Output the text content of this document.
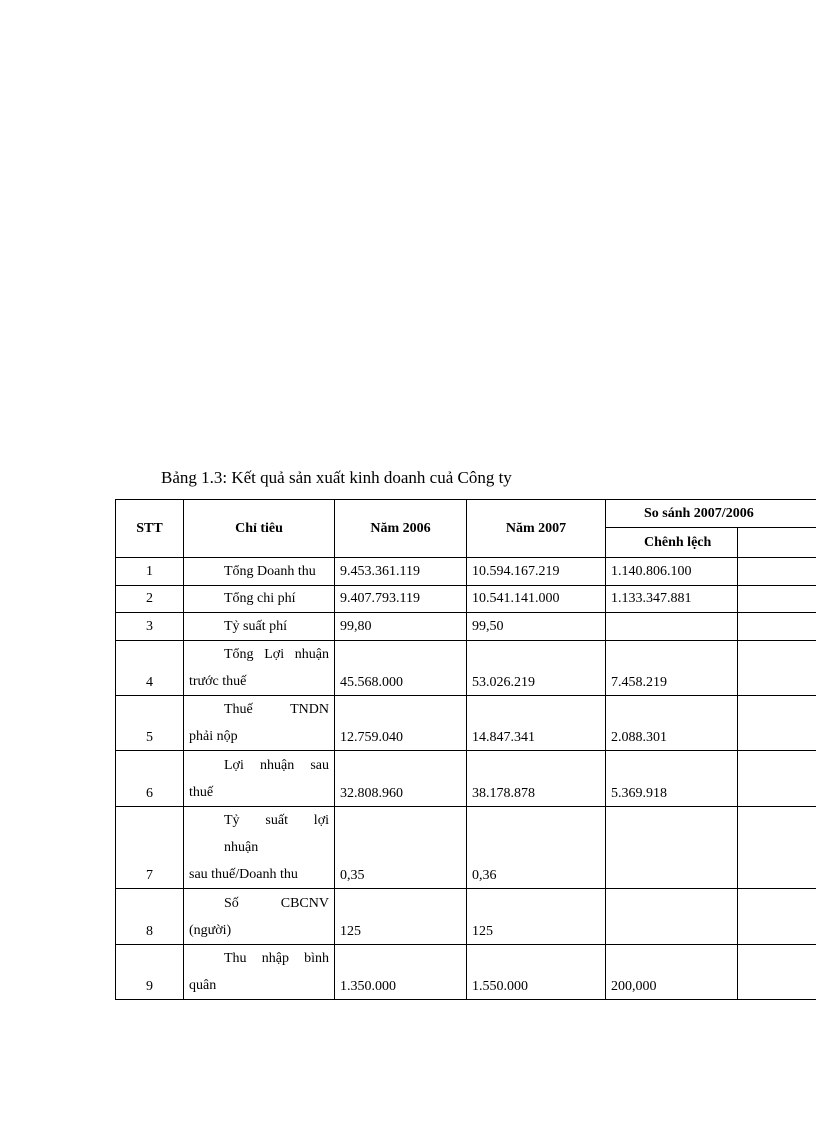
Bảng 1.3: Kết quả sản xuất kinh doanh cuả Công ty
STT	Chỉ tiêu	Năm 2006	Năm 2007	So sánh 2007/2006	
				Chênh lệch	
1	Tổng Doanh thu	9.453.361.119	10.594.167.219	1.140.806.100	
2	Tổng chi phí	9.407.793.119	10.541.141.000	1.133.347.881	
3	Tỷ suất phí	99,80	99,50		
4	Tổng Lợi nhuận
trước thuế	45.568.000	53.026.219	7.458.219	
5	Thuế TNDN
phải nộp	12.759.040	14.847.341	2.088.301	
6	Lợi nhuận sau
thuế	32.808.960	38.178.878	5.369.918	
7	Tỷ suất lợi
nhuận
sau thuế/Doanh thu	0,35	0,36		
8	Số CBCNV
(người)	125	125		
9	Thu nhập bình
quân	1.350.000	1.550.000	200,000	
